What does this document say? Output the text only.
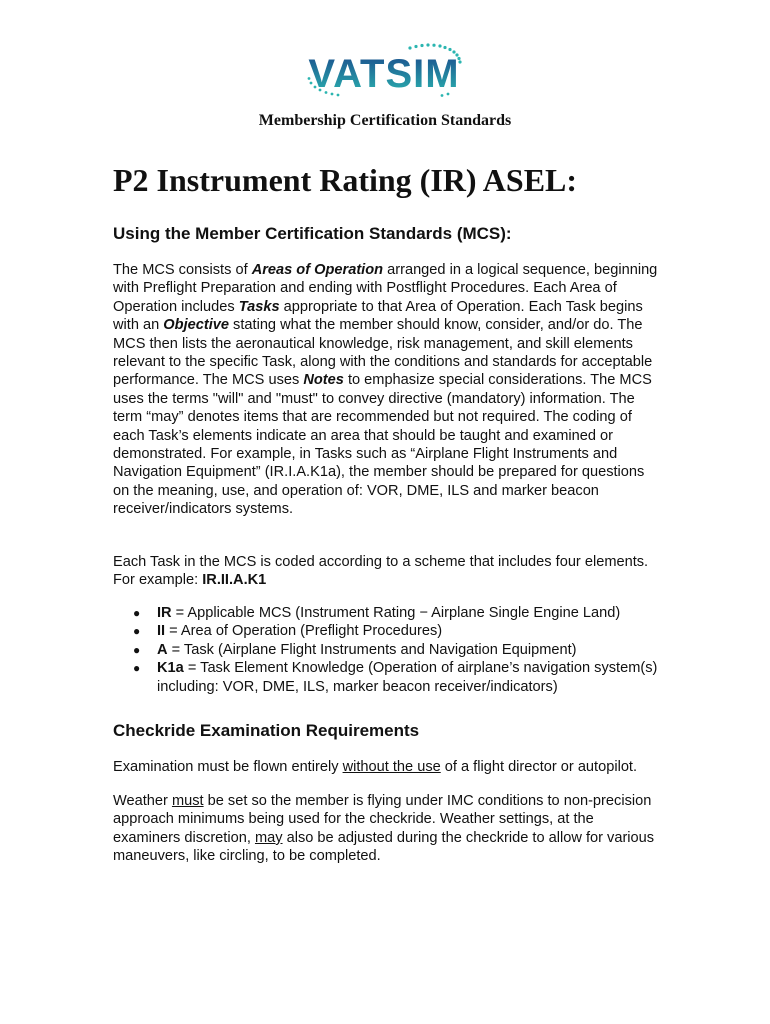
VATSIM
Membership Certification Standards
P2 Instrument Rating (IR) ASEL:
Using the Member Certification Standards (MCS):

The MCS consists of Areas of Operation arranged in a logical sequence, beginning with Preflight Preparation and ending with Postflight Procedures. Each Area of Operation includes Tasks appropriate to that Area of Operation. Each Task begins with an Objective stating what the member should know, consider, and/or do. The MCS then lists the aeronautical knowledge, risk management, and skill elements relevant to the specific Task, along with the conditions and standards for acceptable performance. The MCS uses Notes to emphasize special considerations. The MCS uses the terms "will" and "must" to convey directive (mandatory) information. The term “may” denotes items that are recommended but not required. The coding of each Task’s elements indicate an area that should be taught and examined or demonstrated. For example, in Tasks such as “Airplane Flight Instruments and Navigation Equipment” (IR.I.A.K1a), the member should be prepared for questions on the meaning, use, and operation of: VOR, DME, ILS and marker beacon receiver/indicators systems.

Each Task in the MCS is coded according to a scheme that includes four elements. For example: IR.II.A.K1

● IR = Applicable MCS (Instrument Rating − Airplane Single Engine Land)
● II = Area of Operation (Preflight Procedures)
● A = Task (Airplane Flight Instruments and Navigation Equipment)
● K1a = Task Element Knowledge (Operation of airplane’s navigation system(s) including: VOR, DME, ILS, marker beacon receiver/indicators)
Checkride Examination Requirements

Examination must be flown entirely without the use of a flight director or autopilot.

Weather must be set so the member is flying under IMC conditions to non-precision approach minimums being used for the checkride. Weather settings, at the examiners discretion, may also be adjusted during the checkride to allow for various maneuvers, like circling, to be completed.
